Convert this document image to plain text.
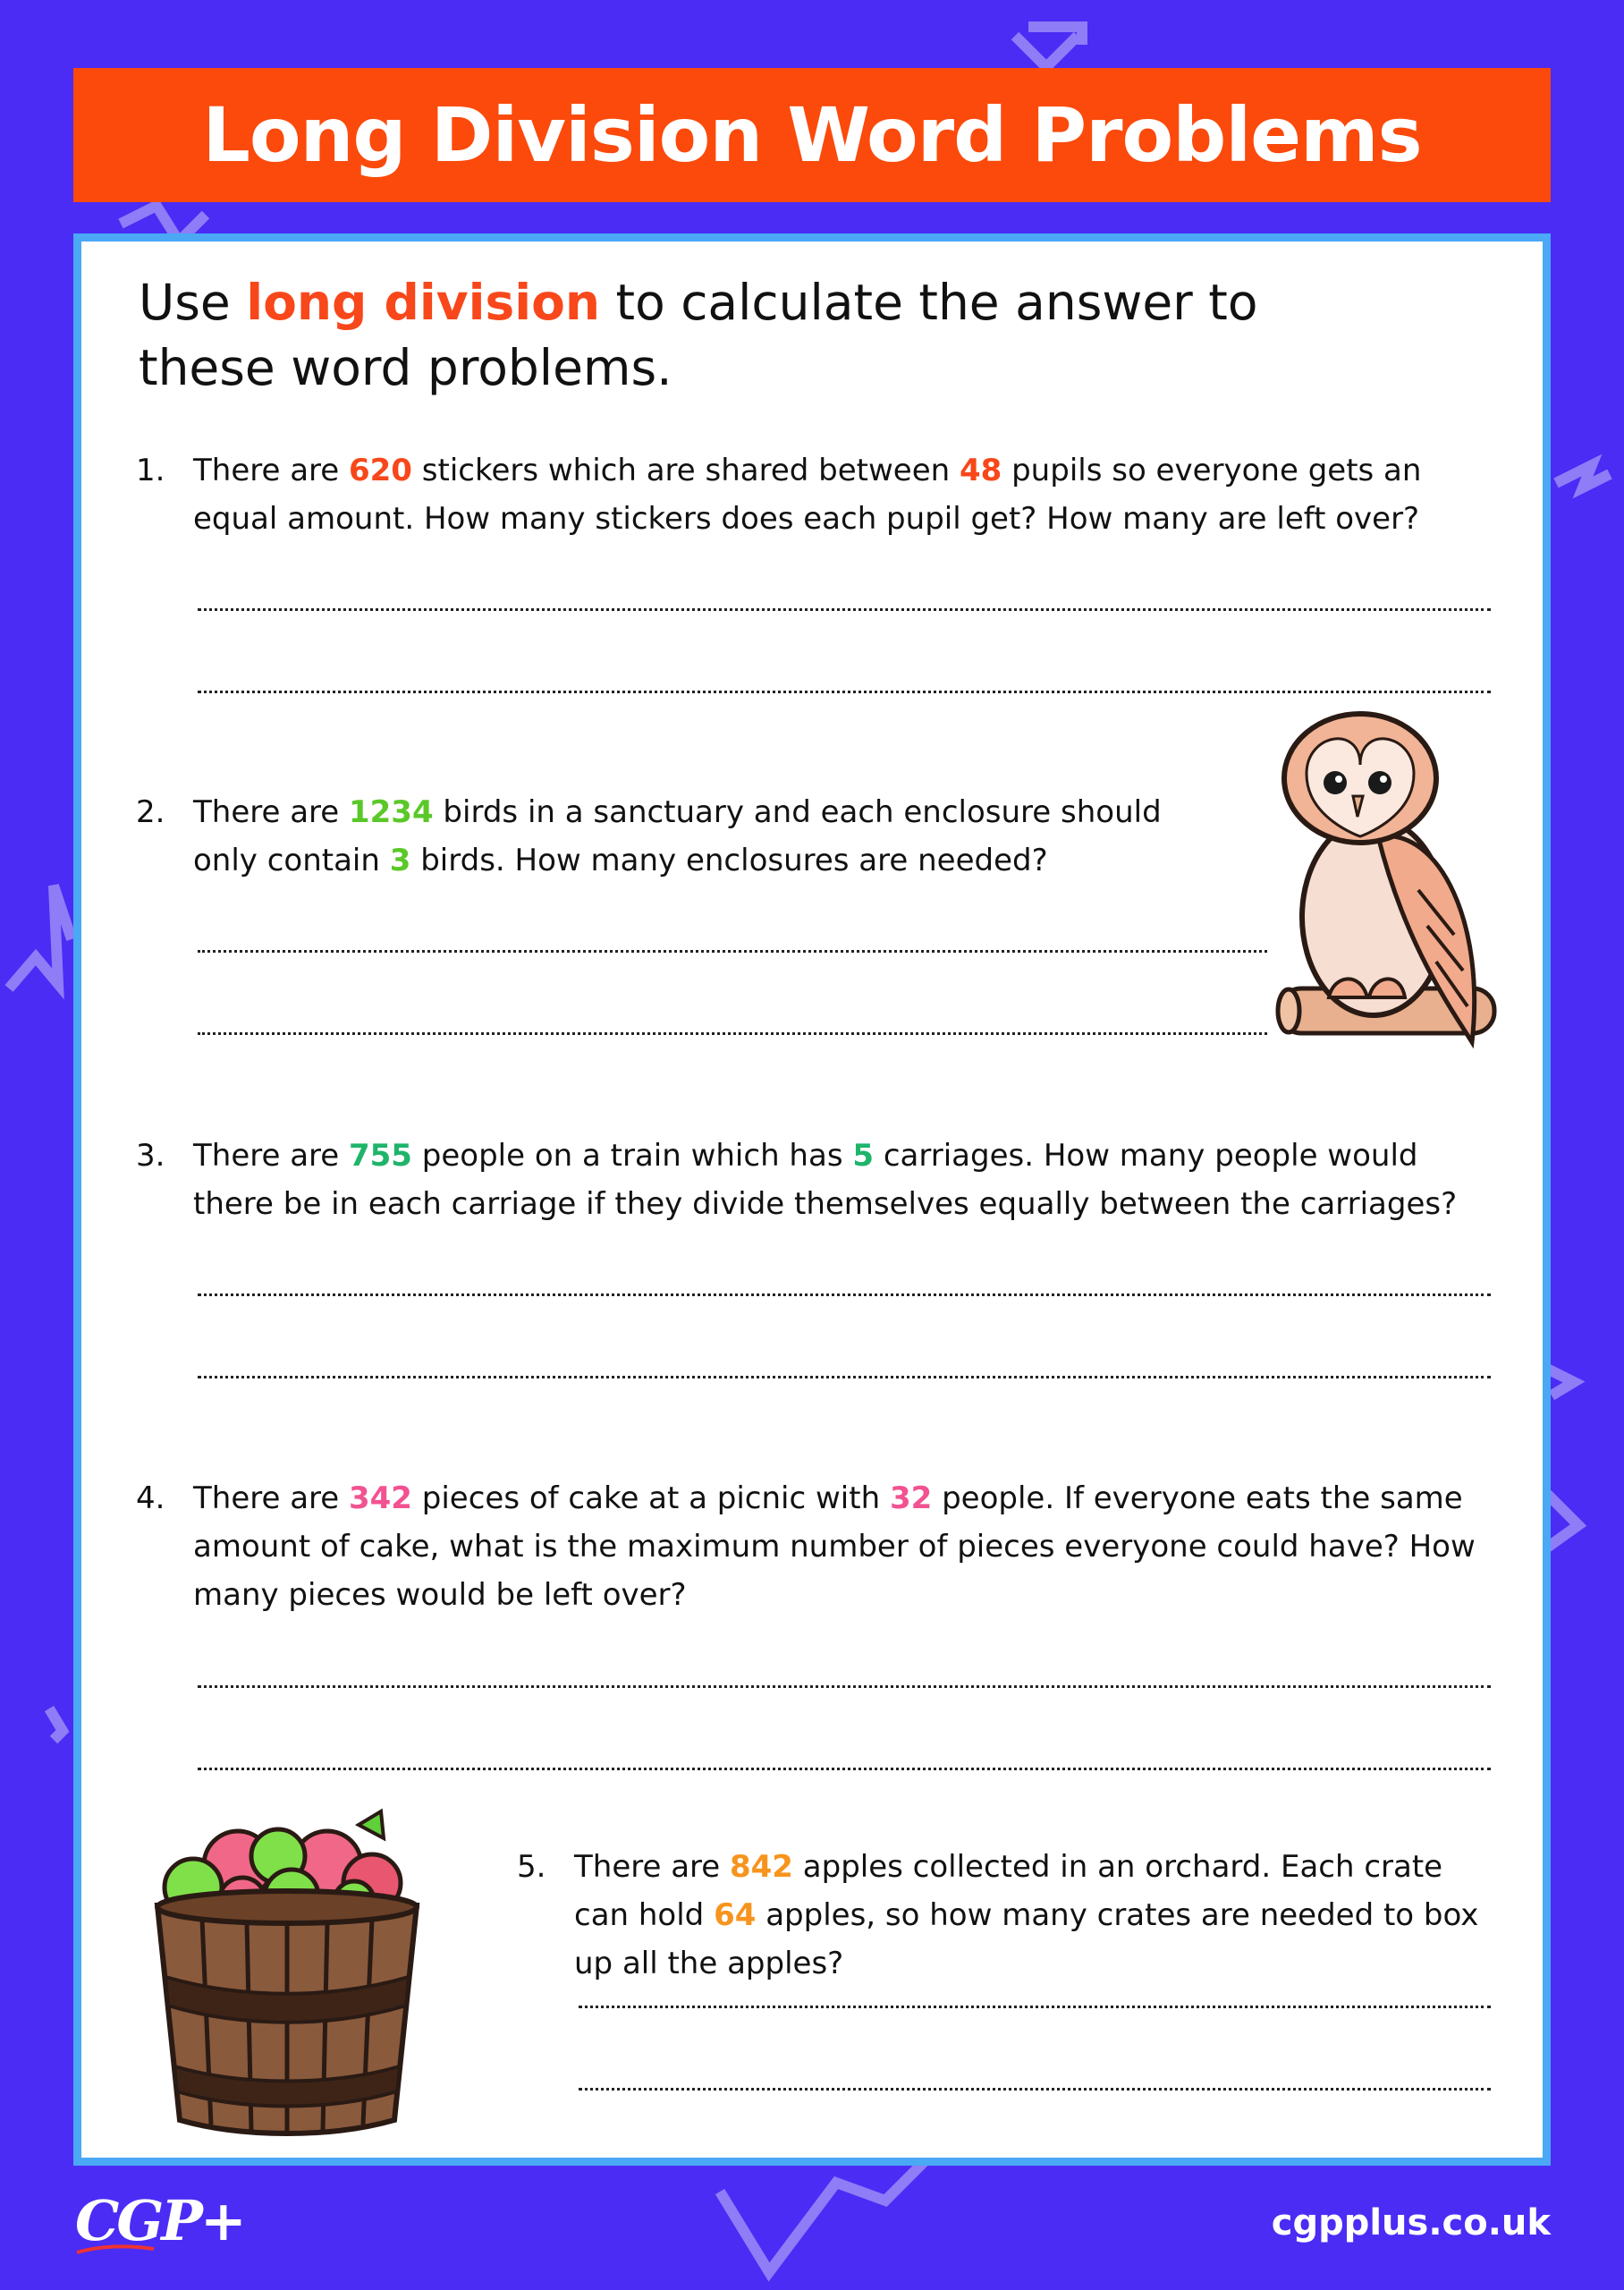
Long Division Word Problems
Use long division to calculate the answer to these word problems.
1. There are 620 stickers which are shared between 48 pupils so everyone gets an equal amount. How many stickers does each pupil get? How many are left over?
2. There are 1234 birds in a sanctuary and each enclosure should only contain 3 birds. How many enclosures are needed?
3. There are 755 people on a train which has 5 carriages. How many people would there be in each carriage if they divide themselves equally between the carriages?
4. There are 342 pieces of cake at a picnic with 32 people. If everyone eats the same amount of cake, what is the maximum number of pieces everyone could have? How many pieces would be left over?
5. There are 842 apples collected in an orchard. Each crate can hold 64 apples, so how many crates are needed to box up all the apples?
CGP+	cgpplus.co.uk
